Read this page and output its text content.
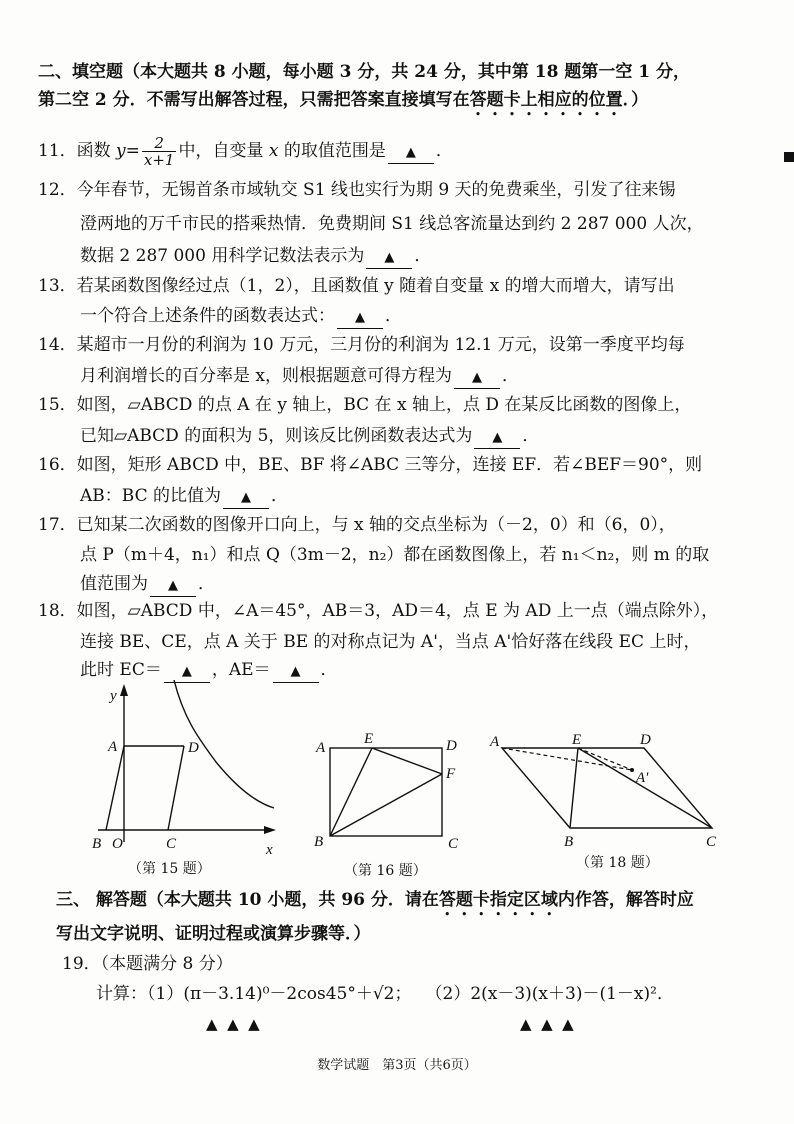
二、填空题（本大题共 8 小题，每小题 3 分，共 24 分，其中第 18 题第一空 1 分，
第二空 2 分．不需写出解答过程，只需把答案直接填写在答题卡上相应的位置．）
11．函数 $y= \frac{2}{x+1}$ 中，自变量 x 的取值范围是 ▲ ．
12．今年春节，无锡首条市域轨交 S1 线也实行为期 9 天的免费乘坐，引发了往来锡
澄两地的万千市民的搭乘热情．免费期间 S1 线总客流量达到约 2 287 000 人次，
数据 2 287 000 用科学记数法表示为 ▲ ．
13．若某函数图像经过点（1，2），且函数值 y 随着自变量 x 的增大而增大，请写出
一个符合上述条件的函数表达式： ▲ ．
14．某超市一月份的利润为 10 万元，三月份的利润为 12.1 万元，设第一季度平均每
月利润增长的百分率是 x，则根据题意可得方程为 ▲ ．
15．如图，▱ABCD 的点 A 在 y 轴上，BC 在 x 轴上，点 D 在某反比函数的图像上，
已知▱ABCD 的面积为 5，则该反比例函数表达式为 ▲ ．
16．如图，矩形 ABCD 中，BE、BF 将∠ABC 三等分，连接 EF．若∠BEF＝90°，则
AB：BC 的比值为 ▲ ．
17．已知某二次函数的图像开口向上，与 x 轴的交点坐标为（－2，0）和（6，0），
点 P（m＋4，n₁）和点 Q（3m－2，n₂）都在函数图像上，若 n₁＜n₂，则 m 的取
值范围为 ▲ ．
18．如图，▱ABCD 中，∠A＝45°，AB＝3，AD＝4，点 E 为 AD 上一点（端点除外），
连接 BE、CE，点 A 关于 BE 的对称点记为 A'，当点 A'恰好落在线段 EC 上时，
此时 EC＝ ▲ ，AE＝ ▲ ．
y
A	D
B O	C	x
（第 15 题）
A
E	D
F
B	C
（第 16 题）
A	E	D
A'
B	C
（第 18 题）
三、 解答题（本大题共 10 小题，共 96 分．请在答题卡指定区域内作答，解答时应
写出文字说明、证明过程或演算步骤等．）
19．（本题满分 8 分）
计算：（1）(π－3.14)⁰－2cos45°＋√2； （2）2(x－3)(x＋3)－(1－x)²．
▲  ▲  ▲	▲  ▲  ▲
数学试题　第3页（共6页）
